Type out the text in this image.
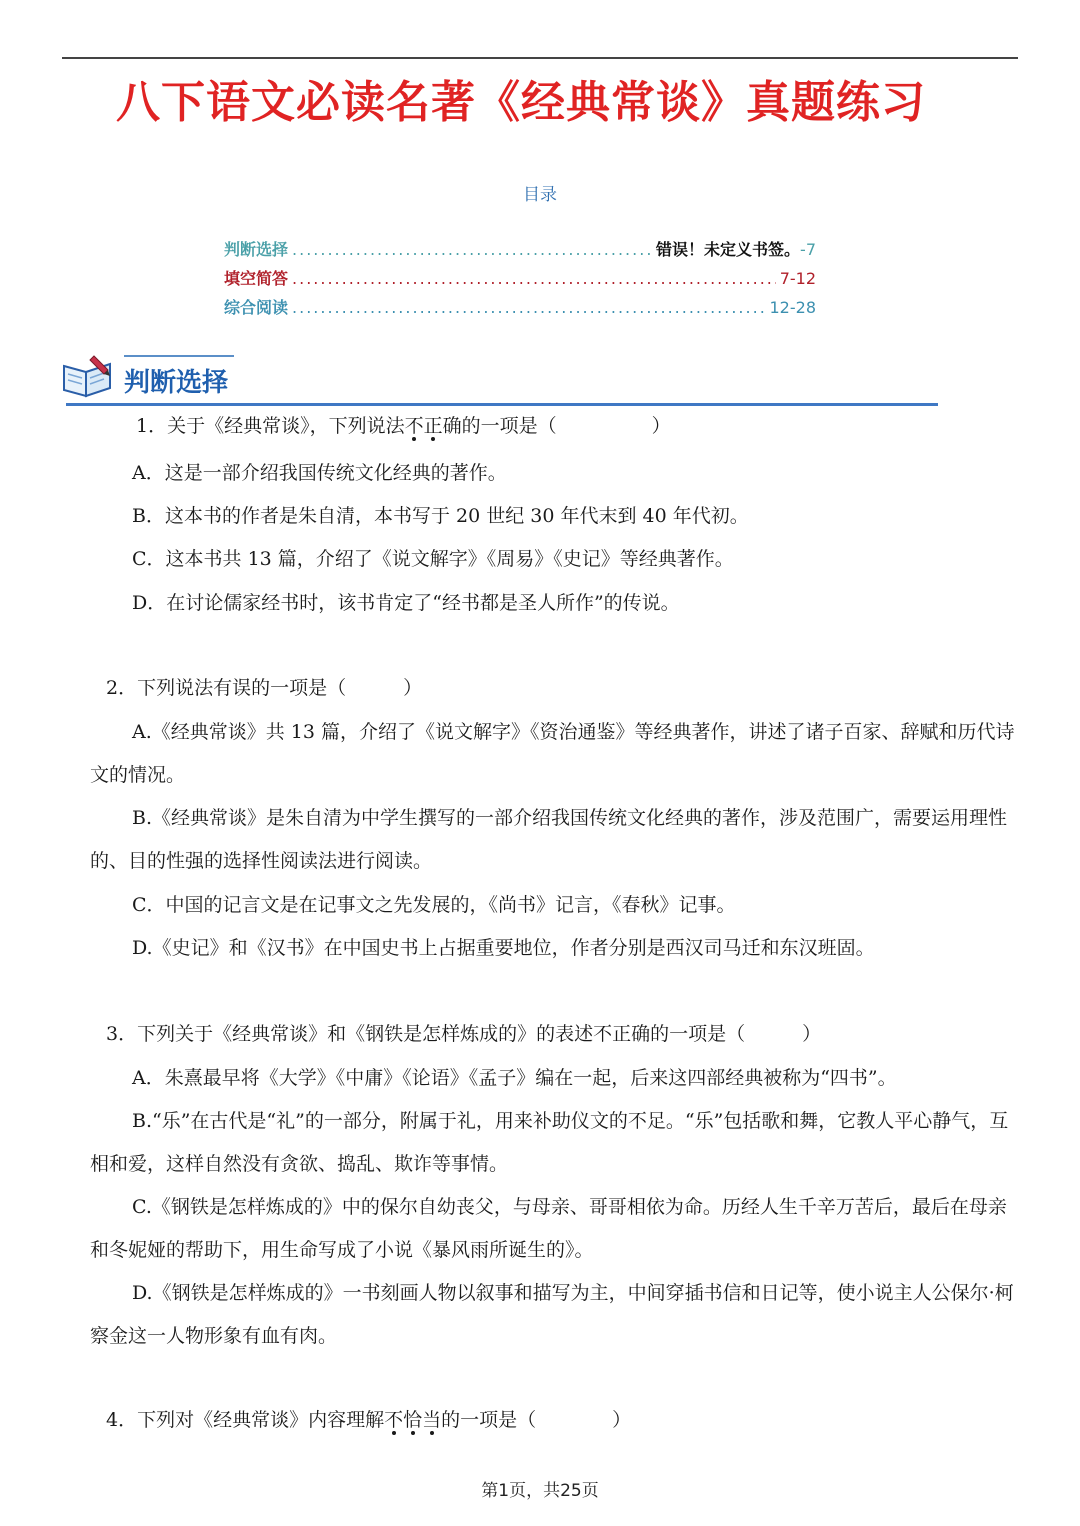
八下语文必读名著《经典常谈》真题练习
目录
判断选择 .....	错误！未定义书签。-7
填空简答 .....	7-12
综合阅读 .....	12-28
判断选择
1．关于《经典常谈》，下列说法不正确的一项是（　　　　　）
A．这是一部介绍我国传统文化经典的著作。
B．这本书的作者是朱自清，本书写于 20 世纪 30 年代末到 40 年代初。
C．这本书共 13 篇，介绍了《说文解字》《周易》《史记》等经典著作。
D．在讨论儒家经书时，该书肯定了“经书都是圣人所作”的传说。
2．下列说法有误的一项是（　　　）
A.《经典常谈》共 13 篇，介绍了《说文解字》《资治通鉴》等经典著作，讲述了诸子百家、辞赋和历代诗文的情况。
B.《经典常谈》是朱自清为中学生撰写的一部介绍我国传统文化经典的著作，涉及范围广，需要运用理性的、目的性强的选择性阅读法进行阅读。
C．中国的记言文是在记事文之先发展的，《尚书》记言，《春秋》记事。
D.《史记》和《汉书》在中国史书上占据重要地位，作者分别是西汉司马迁和东汉班固。
3．下列关于《经典常谈》和《钢铁是怎样炼成的》的表述不正确的一项是（　　　）
A．朱熹最早将《大学》《中庸》《论语》《孟子》编在一起，后来这四部经典被称为“四书”。
B.“乐”在古代是“礼”的一部分，附属于礼，用来补助仪文的不足。“乐”包括歌和舞，它教人平心静气，互相和爱，这样自然没有贪欲、捣乱、欺诈等事情。
C.《钢铁是怎样炼成的》中的保尔自幼丧父，与母亲、哥哥相依为命。历经人生千辛万苦后，最后在母亲和冬妮娅的帮助下，用生命写成了小说《暴风雨所诞生的》。
D.《钢铁是怎样炼成的》一书刻画人物以叙事和描写为主，中间穿插书信和日记等，使小说主人公保尔·柯察金这一人物形象有血有肉。
4．下列对《经典常谈》内容理解不恰当的一项是（　　　　）
第1页，共25页
